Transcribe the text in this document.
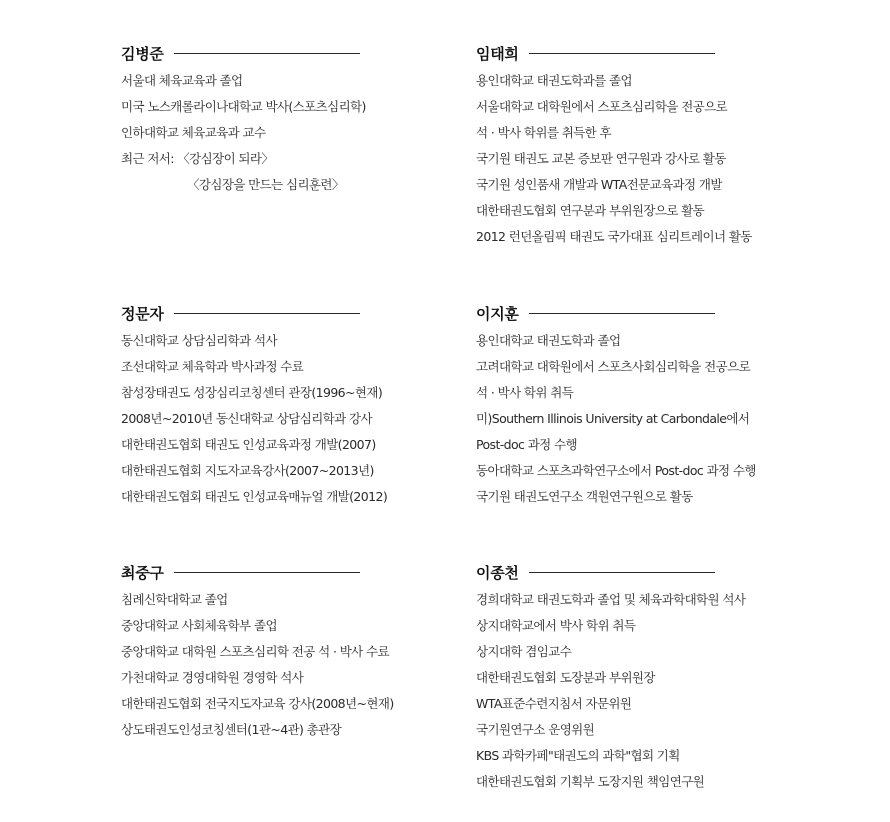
김병준
서울대 체육교육과 졸업
미국 노스캐롤라이나대학교 박사(스포츠심리학)
인하대학교 체육교육과 교수
최근 저서: 〈강심장이 되라〉
〈강심장을 만드는 심리훈련〉
임태희
용인대학교 태권도학과를 졸업
서울대학교 대학원에서 스포츠심리학을 전공으로
석 · 박사 학위를 취득한 후
국기원 태권도 교본 증보판 연구원과 강사로 활동
국기원 성인품새 개발과 WTA전문교육과정 개발
대한태권도협회 연구분과 부위원장으로 활동
2012 런던올림픽 태권도 국가대표 심리트레이너 활동
정문자
동신대학교 상담심리학과 석사
조선대학교 체육학과 박사과정 수료
참성장태권도 성장심리코칭센터 관장(1996~현재)
2008년~2010년 동신대학교 상담심리학과 강사
대한태권도협회 태권도 인성교육과정 개발(2007)
대한태권도협회 지도자교육강사(2007~2013년)
대한태권도협회 태권도 인성교육매뉴얼 개발(2012)
이지훈
용인대학교 태권도학과 졸업
고려대학교 대학원에서 스포츠사회심리학을 전공으로
석 · 박사 학위 취득
미)Southern Illinois University at Carbondale에서
Post-doc 과정 수행
동아대학교 스포츠과학연구소에서 Post-doc 과정 수행
국기원 태권도연구소 객원연구원으로 활동
최중구
침례신학대학교 졸업
중앙대학교 사회체육학부 졸업
중앙대학교 대학원 스포츠심리학 전공 석 · 박사 수료
가천대학교 경영대학원 경영학 석사
대한태권도협회 전국지도자교육 강사(2008년~현재)
상도태권도인성코칭센터(1관~4관) 총관장
이종천
경희대학교 태권도학과 졸업 및 체육과학대학원 석사
상지대학교에서 박사 학위 취득
상지대학 겸임교수
대한태권도협회 도장분과 부위원장
WTA표준수련지침서 자문위원
국기원연구소 운영위원
KBS 과학카페"태권도의 과학"협회 기획
대한태권도협회 기획부 도장지원 책임연구원
